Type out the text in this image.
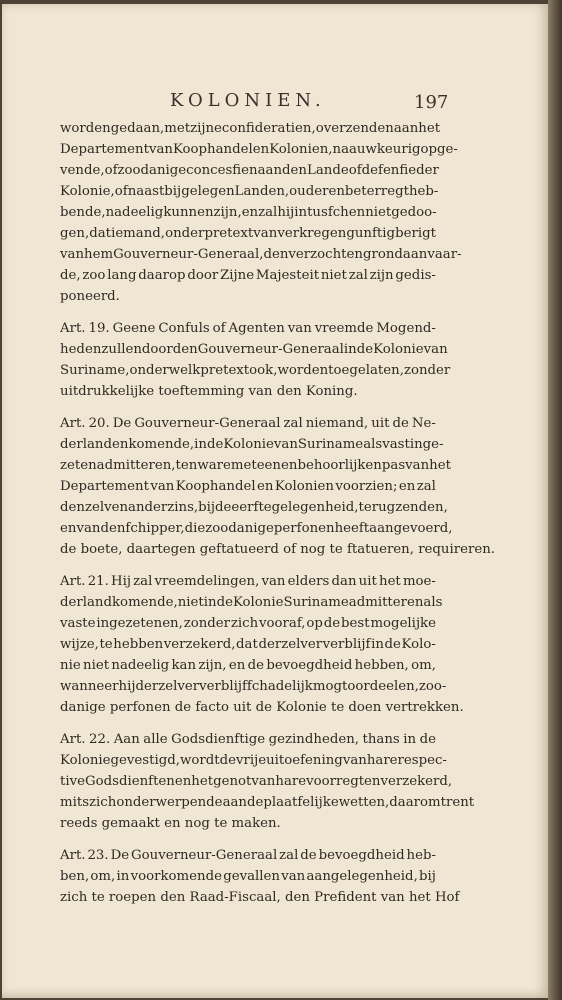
KOLONIEN.	197
worden gedaan, met zijne confideratien, overzenden aan het
Departement van Koophandel en Kolonien, naauwkeurig opge-
vende, of zoodanige concesfien aan den Lande of defenfie der
Kolonie, of naastbij gelegen Landen, ouder en beter regt heb-
bende, nadeelig kunnen zijn, en zal hij intusfchen niet gedoo-
gen, dat iemand, onder pretext van verkregen gunftig berigt
van hem Gouverneur-Generaal, den verzochten grond aanvaar-
de, zoo lang daarop door Zijne Majesteit niet zal zijn gedis-
poneerd.
Art. 19. Geene Confuls of Agenten van vreemde Mogend-
heden zullen door den Gouverneur-Generaal in de Kolonie van
Suriname, onder welk pretext ook, worden toegelaten, zonder
uitdrukkelijke toeftemming van den Koning.
Art. 20. De Gouverneur-Generaal zal niemand, uit de Ne-
derlanden komende, in de Kolonie van Suriname als vast inge-
zeten admitteren, ten ware met eenen behoorlijken pas van het
Departement van Koophandel en Kolonien voorzien; en zal
denzelven anderzins, bij de eerfte gelegenheid, terug zenden,
en van den fchipper, die zoodanige perfonen heeft aangevoerd,
de boete, daartegen geftatueerd of nog te ftatueren, requireren.
Art. 21. Hij zal vreemdelingen, van elders dan uit het moe-
derland komende, niet in de Kolonie Suriname admitteren als
vaste ingezetenen, zonder zich vooraf, op de best mogelijke
wijze, te hebben verzekerd, dat derzelver verblijf in de Kolo-
nie niet nadeelig kan zijn, en de bevoegdheid hebben, om,
wanneer hij derzelver verblijf fchadelijk mogt oordeelen, zoo-
danige perfonen de facto uit de Kolonie te doen vertrekken.
Art. 22. Aan alle Godsdienftige gezindheden, thans in de
Kolonie gevestigd, wordt de vrije uitoefening van hare respec-
tive Godsdienften en het genot van hare voorregten verzekerd,
mits zich onderwerpende aan de plaatfelijke wetten, daaromtrent
reeds gemaakt en nog te maken.
Art. 23. De Gouverneur-Generaal zal de bevoegdheid heb-
ben, om, in voorkomende gevallen van aangelegenheid, bij
zich te roepen den Raad-Fiscaal, den Prefident van het Hof
